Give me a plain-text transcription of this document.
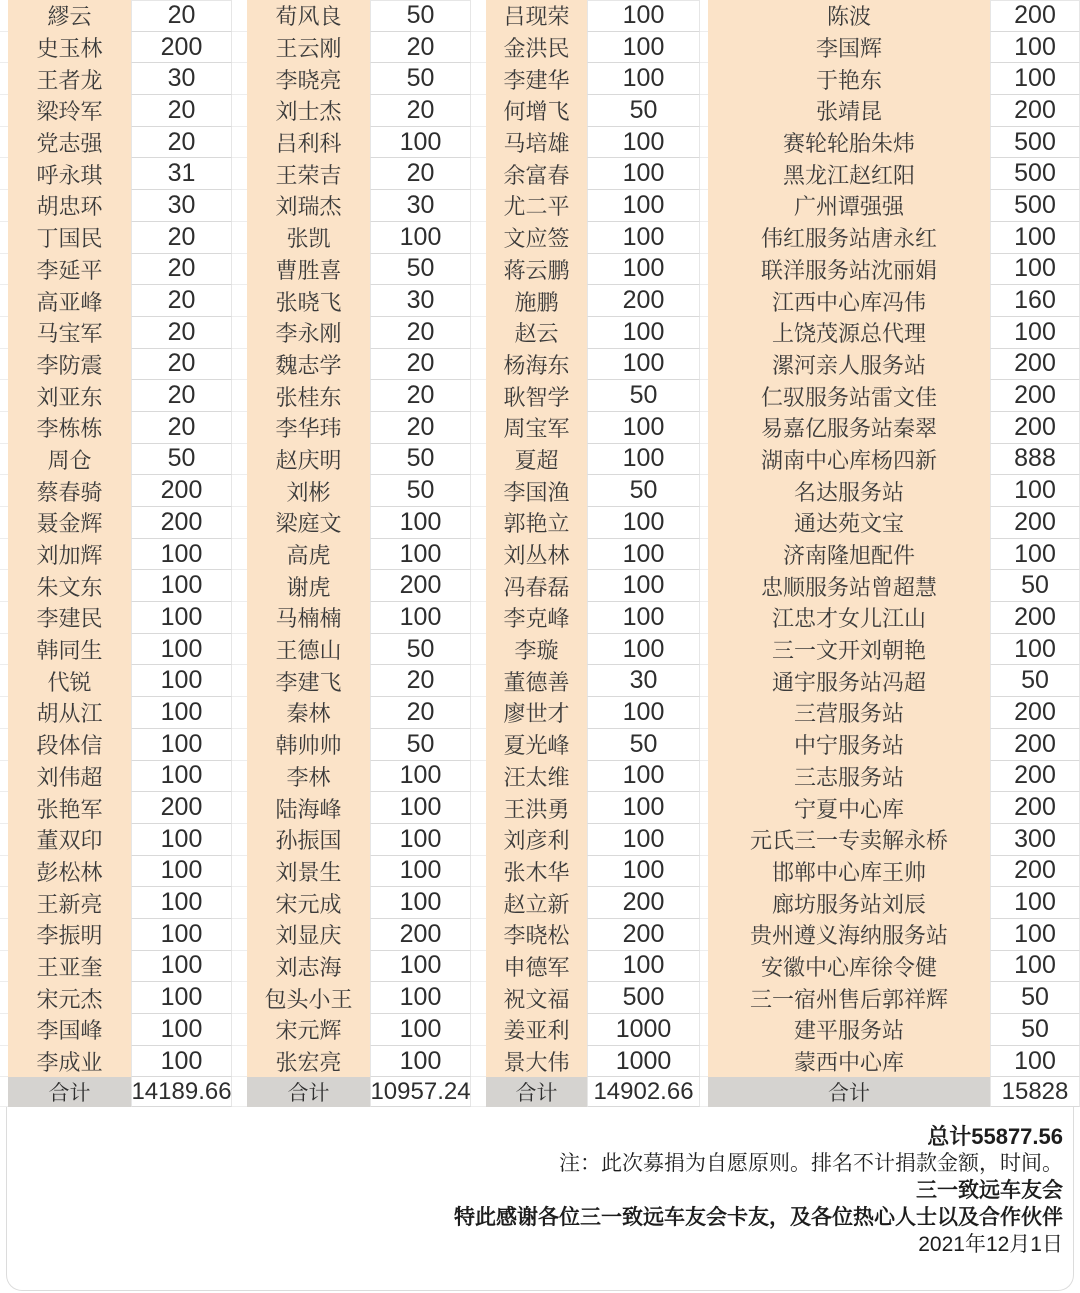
繆云	20
史玉林	200
王者龙	30
梁玲军	20
党志强	20
呼永琪	31
胡忠环	30
丁国民	20
李延平	20
高亚峰	20
马宝军	20
李防震	20
刘亚东	20
李栋栋	20
周仓	50
蔡春骑	200
聂金辉	200
刘加辉	100
朱文东	100
李建民	100
韩同生	100
代锐	100
胡从江	100
段体信	100
刘伟超	100
张艳军	200
董双印	100
彭松林	100
王新亮	100
李振明	100
王亚奎	100
宋元杰	100
李国峰	100
李成业	100
合计	14189.66
荀风良	50
王云刚	20
李晓亮	50
刘士杰	20
吕利科	100
王荣吉	20
刘瑞杰	30
张凯	100
曹胜喜	50
张晓飞	30
李永刚	20
魏志学	20
张桂东	20
李华玮	20
赵庆明	50
刘彬	50
梁庭文	100
高虎	100
谢虎	200
马楠楠	100
王德山	50
李建飞	20
秦林	20
韩帅帅	50
李林	100
陆海峰	100
孙振国	100
刘景生	100
宋元成	100
刘显庆	200
刘志海	100
包头小王	100
宋元辉	100
张宏亮	100
合计	10957.24
吕现荣	100
金洪民	100
李建华	100
何增飞	50
马培雄	100
余富春	100
尤二平	100
文应签	100
蒋云鹏	100
施鹏	200
赵云	100
杨海东	100
耿智学	50
周宝军	100
夏超	100
李国渔	50
郭艳立	100
刘丛林	100
冯春磊	100
李克峰	100
李璇	100
董德善	30
廖世才	100
夏光峰	50
汪太维	100
王洪勇	100
刘彦利	100
张木华	100
赵立新	200
李晓松	200
申德军	100
祝文福	500
姜亚利	1000
景大伟	1000
合计	14902.66
陈波	200
李国辉	100
于艳东	100
张靖昆	200
赛轮轮胎朱炜	500
黑龙江赵红阳	500
广州谭强强	500
伟红服务站唐永红	100
联洋服务站沈丽娟	100
江西中心库冯伟	160
上饶茂源总代理	100
漯河亲人服务站	200
仁驭服务站雷文佳	200
易嘉亿服务站秦翠	200
湖南中心库杨四新	888
名达服务站	100
通达苑文宝	200
济南隆旭配件	100
忠顺服务站曾超慧	50
江忠才女儿江山	200
三一文开刘朝艳	100
通宇服务站冯超	50
三营服务站	200
中宁服务站	200
三志服务站	200
宁夏中心库	200
元氏三一专卖解永桥	300
邯郸中心库王帅	200
廊坊服务站刘辰	100
贵州遵义海纳服务站	100
安徽中心库徐令健	100
三一宿州售后郭祥辉	50
建平服务站	50
蒙西中心库	100
合计	15828
总计55877.56
注：此次募捐为自愿原则。排名不计捐款金额，时间。
三一致远车友会
特此感谢各位三一致远车友会卡友，及各位热心人士以及合作伙伴
2021年12月1日
